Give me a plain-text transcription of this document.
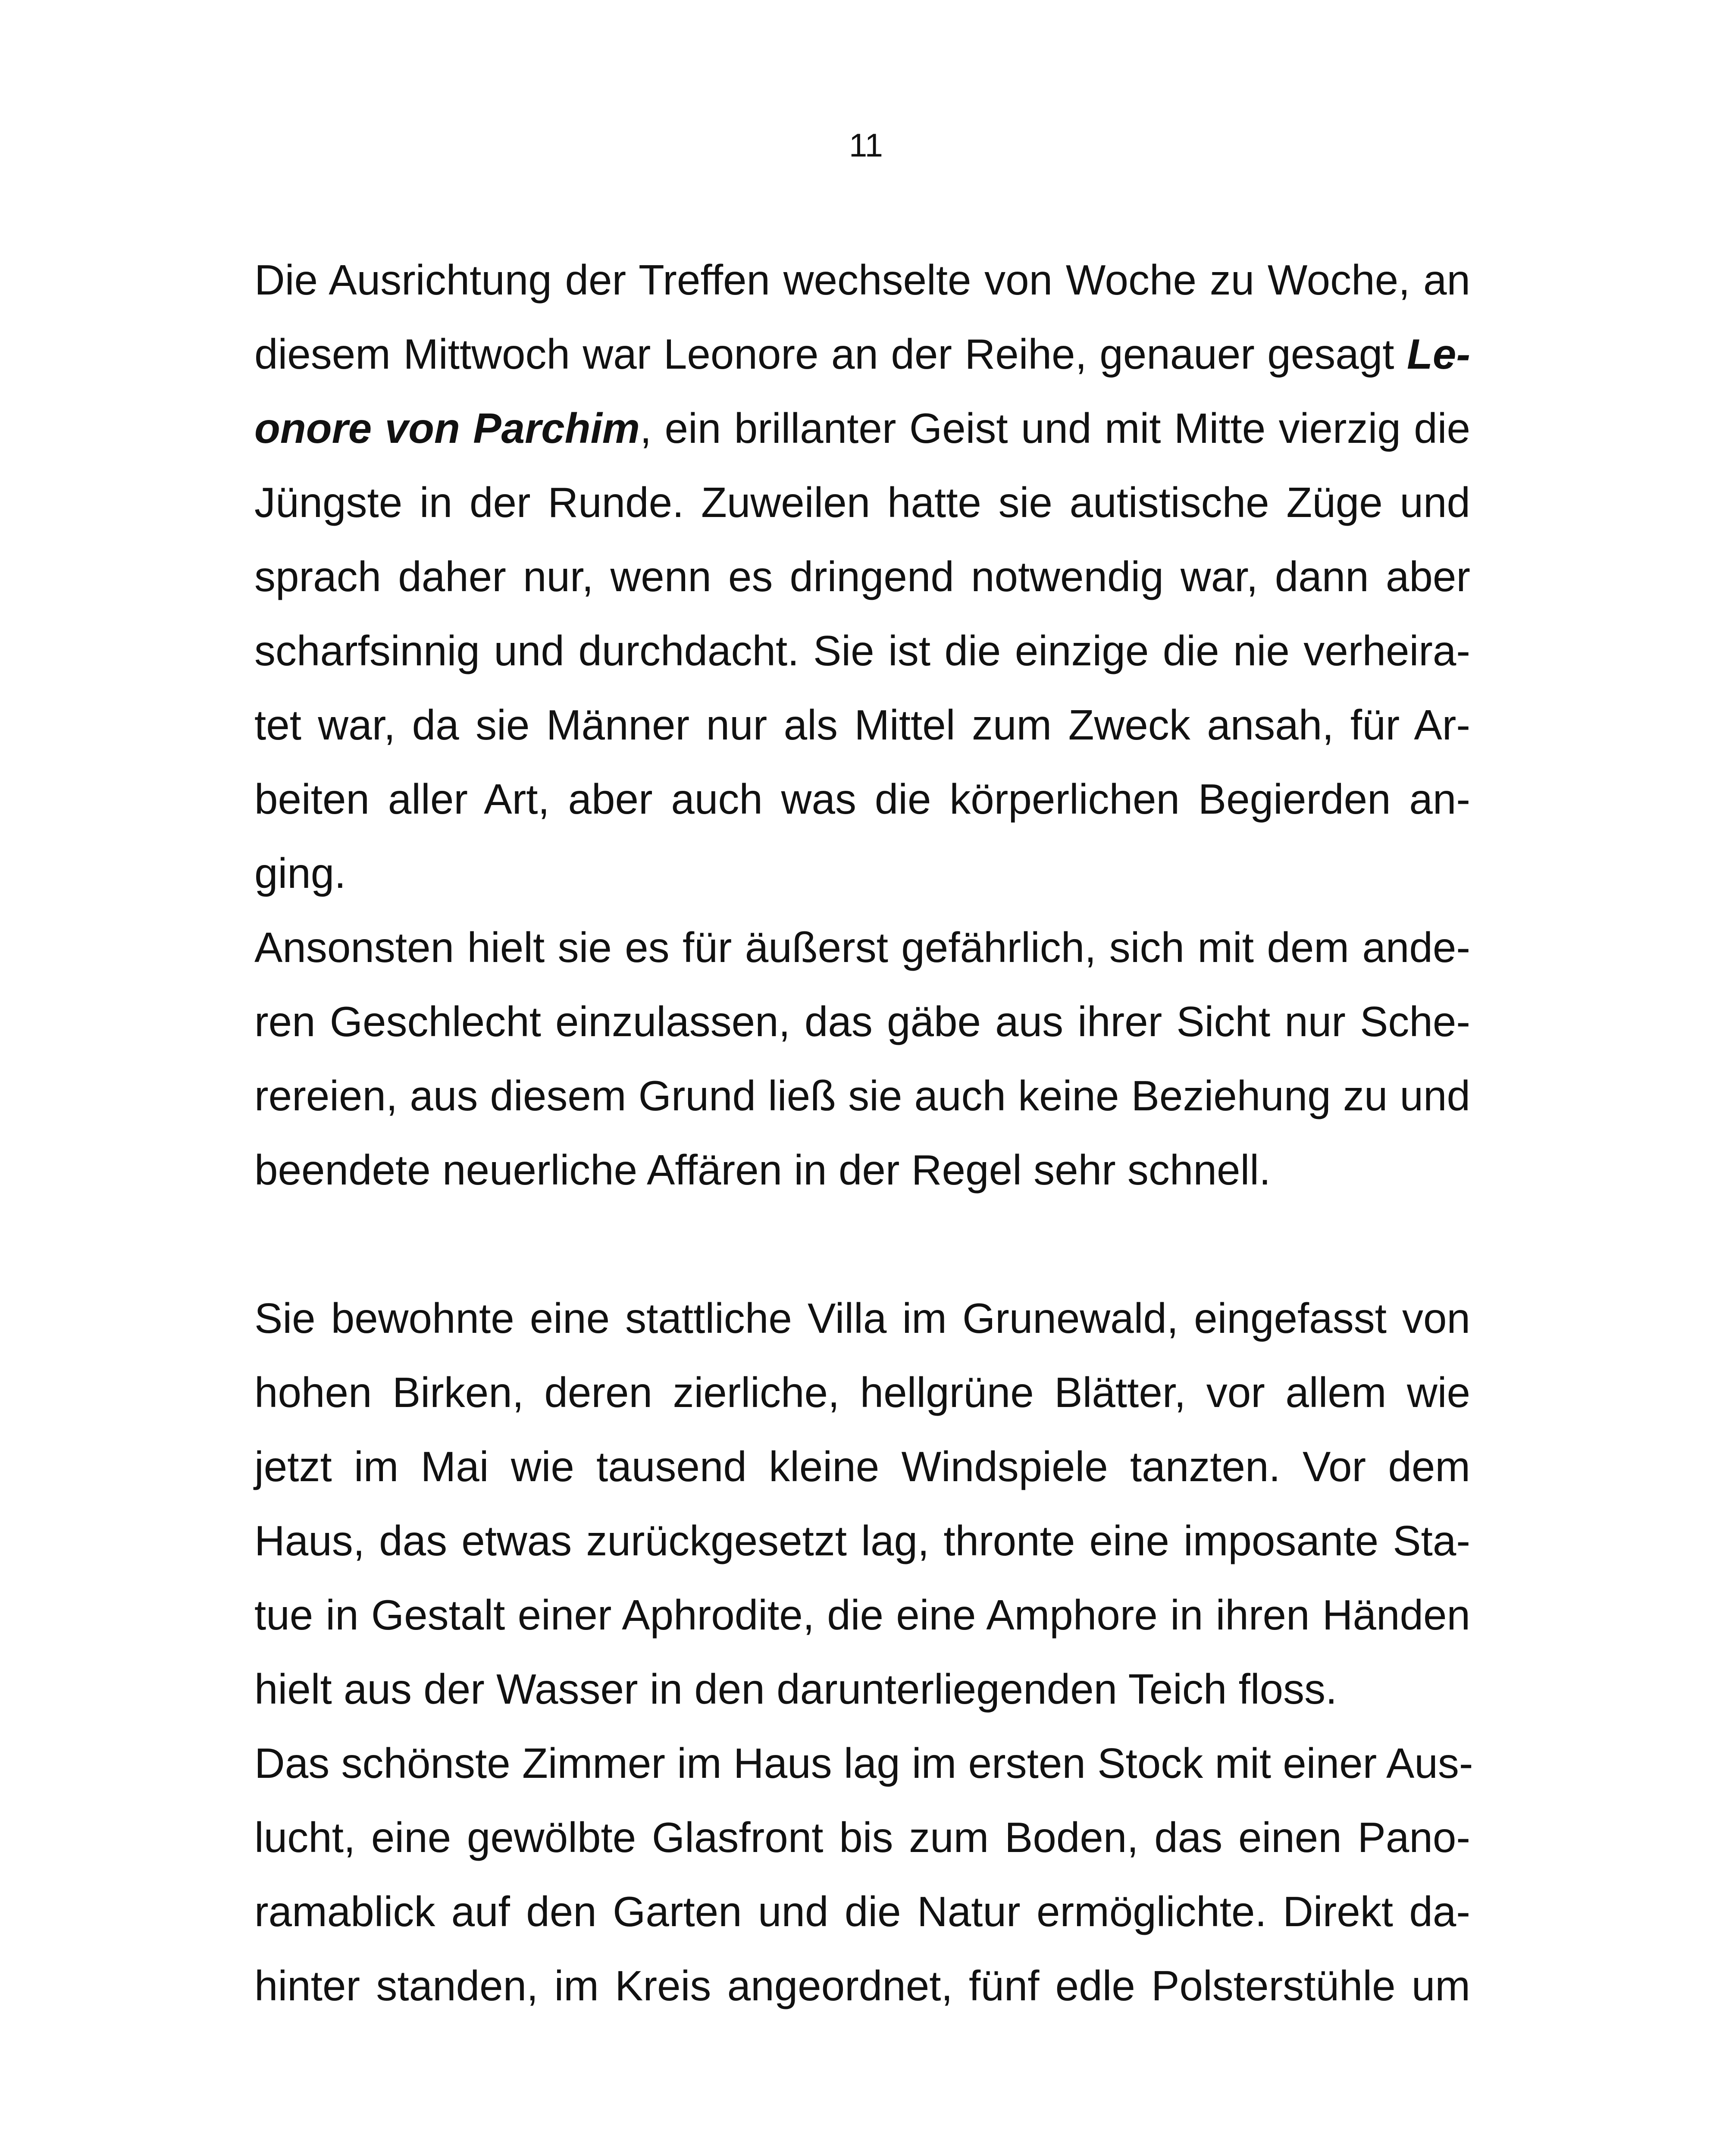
11
Die Ausrichtung der Treffen wechselte von Woche zu Woche, an
diesem Mittwoch war Leonore an der Reihe, genauer gesagt Le-
onore von Parchim, ein brillanter Geist und mit Mitte vierzig die
Jüngste in der Runde. Zuweilen hatte sie autistische Züge und
sprach daher nur, wenn es dringend notwendig war, dann aber
scharfsinnig und durchdacht. Sie ist die einzige die nie verheira-
tet war, da sie Männer nur als Mittel zum Zweck ansah, für Ar-
beiten aller Art, aber auch was die körperlichen Begierden an-
ging.
Ansonsten hielt sie es für äußerst gefährlich, sich mit dem ande-
ren Geschlecht einzulassen, das gäbe aus ihrer Sicht nur Sche-
rereien, aus diesem Grund ließ sie auch keine Beziehung zu und
beendete neuerliche Affären in der Regel sehr schnell.
Sie bewohnte eine stattliche Villa im Grunewald, eingefasst von
hohen Birken, deren zierliche, hellgrüne Blätter, vor allem wie
jetzt im Mai wie tausend kleine Windspiele tanzten. Vor dem
Haus, das etwas zurückgesetzt lag, thronte eine imposante Sta-
tue in Gestalt einer Aphrodite, die eine Amphore in ihren Händen
hielt aus der Wasser in den darunterliegenden Teich floss.
Das schönste Zimmer im Haus lag im ersten Stock mit einer Aus-
lucht, eine gewölbte Glasfront bis zum Boden, das einen Pano-
ramablick auf den Garten und die Natur ermöglichte. Direkt da-
hinter standen, im Kreis angeordnet, fünf edle Polsterstühle um
